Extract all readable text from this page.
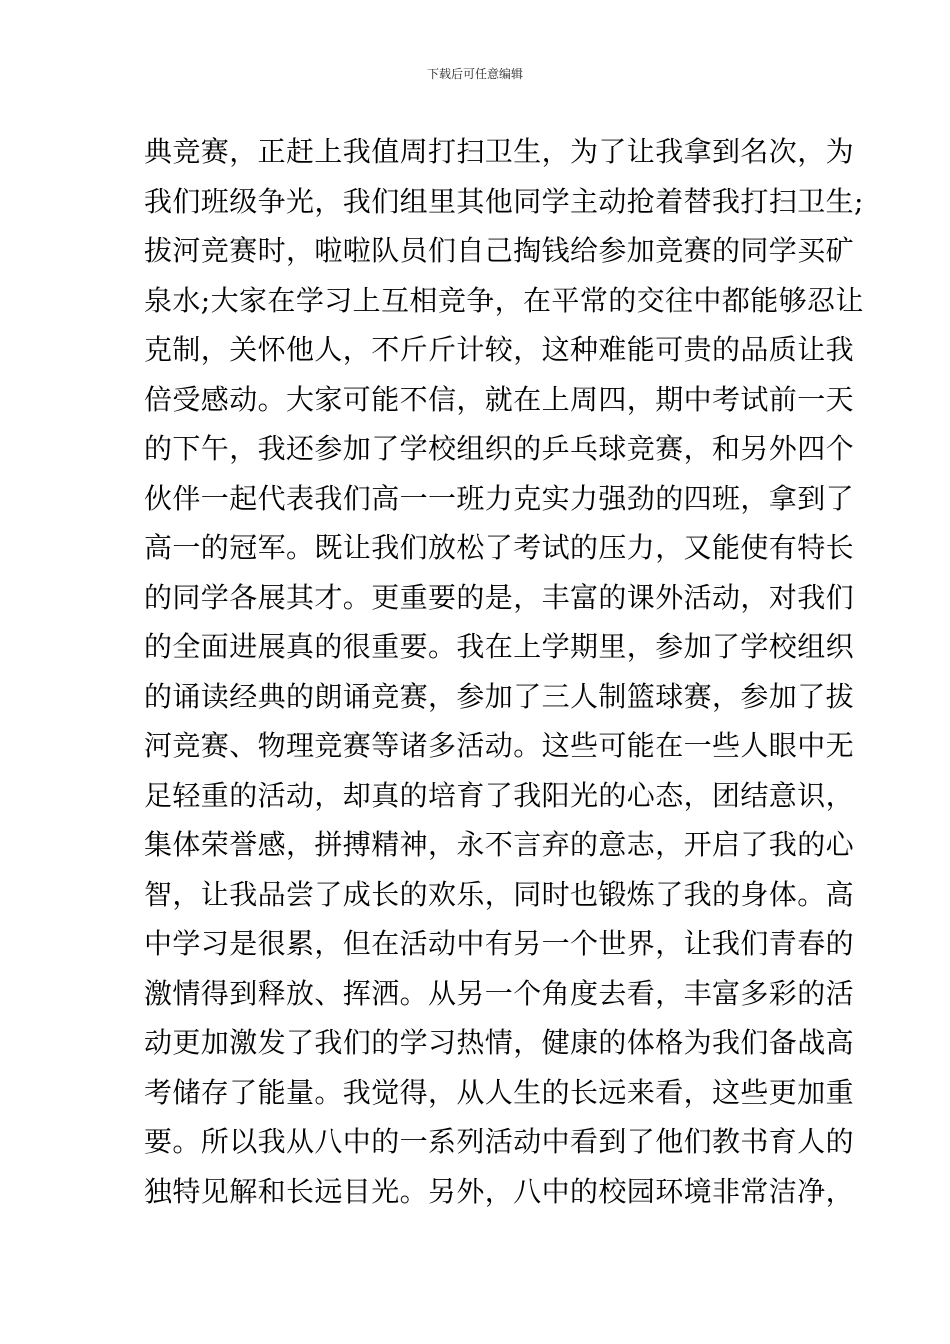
下载后可任意编辑
典竞赛，正赶上我值周打扫卫生，为了让我拿到名次，为
我们班级争光，我们组里其他同学主动抢着替我打扫卫生;
拔河竞赛时，啦啦队员们自己掏钱给参加竞赛的同学买矿
泉水;大家在学习上互相竞争，在平常的交往中都能够忍让
克制，关怀他人，不斤斤计较，这种难能可贵的品质让我
倍受感动。大家可能不信，就在上周四，期中考试前一天
的下午，我还参加了学校组织的乒乓球竞赛，和另外四个
伙伴一起代表我们高一一班力克实力强劲的四班，拿到了
高一的冠军。既让我们放松了考试的压力，又能使有特长
的同学各展其才。更重要的是，丰富的课外活动，对我们
的全面进展真的很重要。我在上学期里，参加了学校组织
的诵读经典的朗诵竞赛，参加了三人制篮球赛，参加了拔
河竞赛、物理竞赛等诸多活动。这些可能在一些人眼中无
足轻重的活动，却真的培育了我阳光的心态，团结意识，
集体荣誉感，拼搏精神，永不言弃的意志，开启了我的心
智，让我品尝了成长的欢乐，同时也锻炼了我的身体。高
中学习是很累，但在活动中有另一个世界，让我们青春的
激情得到释放、挥洒。从另一个角度去看，丰富多彩的活
动更加激发了我们的学习热情，健康的体格为我们备战高
考储存了能量。我觉得，从人生的长远来看，这些更加重
要。所以我从八中的一系列活动中看到了他们教书育人的
独特见解和长远目光。另外，八中的校园环境非常洁净，
